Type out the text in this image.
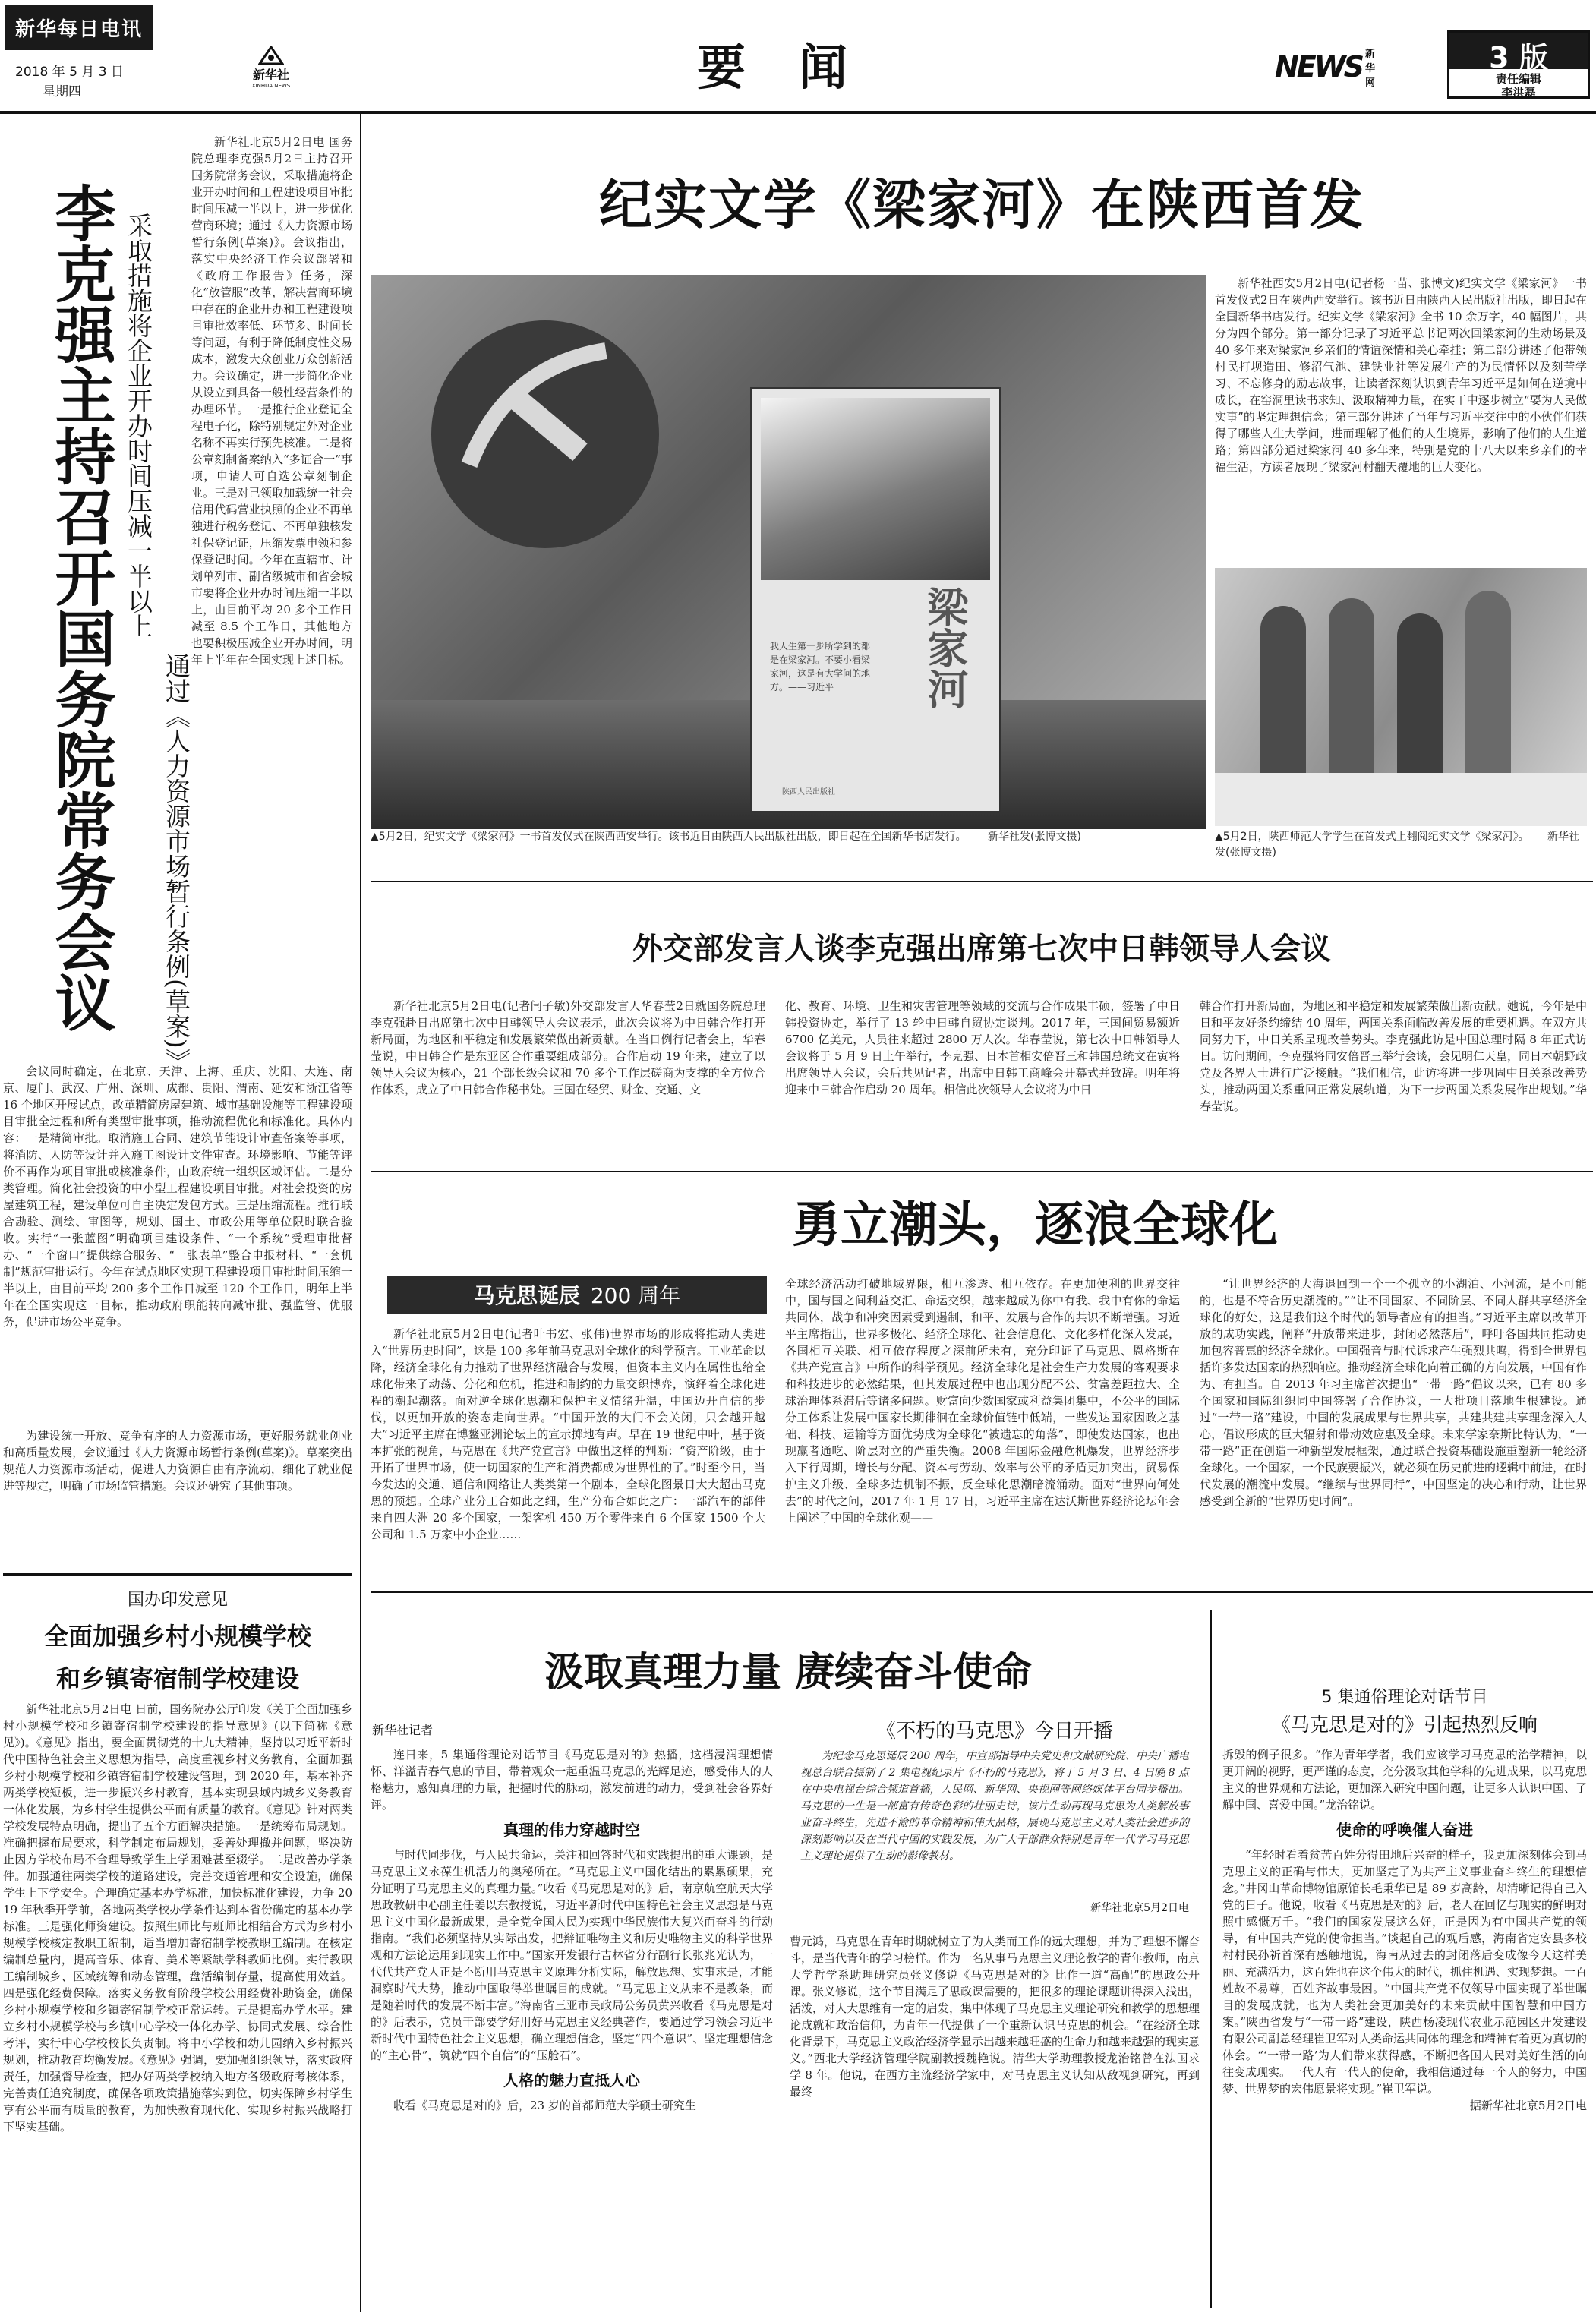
新华每日电讯
2018 年 5 月 3 日
星期四
新华社
XINHUA NEWS	要闻	NEWS 新华网
3 版
责任编辑
李洪磊
李克强主持召开国务院常务会议 采取措施将企业开办时间压减一半以上
通过《人力资源市场暂行条例(草案)》

新华社北京5月2日电 国务院总理李克强5月2日主持召开国务院常务会议，采取措施将企业开办时间和工程建设项目审批时间压减一半以上，进一步优化营商环境；通过《人力资源市场暂行条例(草案)》。会议指出，落实中央经济工作会议部署和《政府工作报告》任务，深化“放管服”改革，解决营商环境中存在的企业开办和工程建设项目审批效率低、环节多、时间长等问题，有利于降低制度性交易成本，激发大众创业万众创新活力。会议确定，进一步简化企业从设立到具备一般性经营条件的办理环节。一是推行企业登记全程电子化，除特别规定外对企业名称不再实行预先核准。二是将公章刻制备案纳入“多证合一”事项，申请人可自选公章刻制企业。三是对已领取加载统一社会信用代码营业执照的企业不再单独进行税务登记、不再单独核发社保登记证，压缩发票申领和参保登记时间。今年在直辖市、计划单列市、副省级城市和省会城市要将企业开办时间压缩一半以上，由目前平均 20 多个工作日减至 8.5 个工作日，其他地方也要积极压减企业开办时间，明年上半年在全国实现上述目标。

会议同时确定，在北京、天津、上海、重庆、沈阳、大连、南京、厦门、武汉、广州、深圳、成都、贵阳、渭南、延安和浙江省等 16 个地区开展试点，改革精简房屋建筑、城市基础设施等工程建设项目审批全过程和所有类型审批事项，推动流程优化和标准化。具体内容：一是精简审批。取消施工合同、建筑节能设计审查备案等事项，将消防、人防等设计并入施工图设计文件审查。环境影响、节能等评价不再作为项目审批或核准条件，由政府统一组织区域评估。二是分类管理。简化社会投资的中小型工程建设项目审批。对社会投资的房屋建筑工程，建设单位可自主决定发包方式。三是压缩流程。推行联合勘验、测绘、审图等，规划、国土、市政公用等单位限时联合验收。实行“一张蓝图”明确项目建设条件、“一个系统”受理审批督办、“一个窗口”提供综合服务、“一张表单”整合申报材料、“一套机制”规范审批运行。今年在试点地区实现工程建设项目审批时间压缩一半以上，由目前平均 200 多个工作日减至 120 个工作日，明年上半年在全国实现这一目标，推动政府职能转向减审批、强监管、优服务，促进市场公平竞争。

为建设统一开放、竞争有序的人力资源市场，更好服务就业创业和高质量发展，会议通过《人力资源市场暂行条例(草案)》。草案突出规范人力资源市场活动，促进人力资源自由有序流动，细化了就业促进等规定，明确了市场监管措施。会议还研究了其他事项。

国办印发意见
全面加强乡村小规模学校
和乡镇寄宿制学校建设

新华社北京5月2日电 日前，国务院办公厅印发《关于全面加强乡村小规模学校和乡镇寄宿制学校建设的指导意见》(以下简称《意见》)。《意见》指出，要全面贯彻党的十九大精神，坚持以习近平新时代中国特色社会主义思想为指导，高度重视乡村义务教育，全面加强乡村小规模学校和乡镇寄宿制学校建设管理，到 2020 年，基本补齐两类学校短板，进一步振兴乡村教育，基本实现县域内城乡义务教育一体化发展，为乡村学生提供公平而有质量的教育。《意见》针对两类学校发展特点明确，提出了五个方面解决措施。一是统筹布局规划。准确把握布局要求，科学制定布局规划，妥善处理撤并问题，坚决防止因方学校布局不合理导致学生上学困难甚至辍学。二是改善办学条件。加强通往两类学校的道路建设，完善交通管理和安全设施，确保学生上下学安全。合理确定基本办学标准，加快标准化建设，力争 2019 年秋季开学前，各地两类学校办学条件达到本省份确定的基本办学标准。三是强化师资建设。按照生师比与班师比相结合方式为乡村小规模学校核定教职工编制，适当增加寄宿制学校教职工编制。在核定编制总量内，提高音乐、体育、美术等紧缺学科教师比例。实行教职工编制城乡、区域统筹和动态管理，盘活编制存量，提高使用效益。四是强化经费保障。落实义务教育阶段学校公用经费补助资金，确保乡村小规模学校和乡镇寄宿制学校正常运转。五是提高办学水平。建立乡村小规模学校与乡镇中心学校一体化办学、协同式发展、综合性考评，实行中心学校校长负责制。将中小学校和幼儿园纳入乡村振兴规划，推动教育均衡发展。《意见》强调，要加强组织领导，落实政府责任，加强督导检查，把办好两类学校纳入地方各级政府考核体系，完善责任追究制度，确保各项政策措施落实到位，切实保障乡村学生享有公平而有质量的教育，为加快教育现代化、实现乡村振兴战略打下坚实基础。

纪实文学《梁家河》在陕西首发
我人生第一步所学到的都是在梁家河。不要小看梁家河，这是有大学问的地方。——习近平	梁家河
陕西人民出版社
▲5月2日，纪实文学《梁家河》一书首发仪式在陕西西安举行。该书近日由陕西人民出版社出版，即日起在全国新华书店发行。 新华社发(张博文摄)

新华社西安5月2日电(记者杨一苗、张博文)纪实文学《梁家河》一书首发仪式2日在陕西西安举行。该书近日由陕西人民出版社出版，即日起在全国新华书店发行。纪实文学《梁家河》全书 10 余万字，40 幅图片，共分为四个部分。第一部分记录了习近平总书记两次回梁家河的生动场景及 40 多年来对梁家河乡亲们的情谊深情和关心牵挂；第二部分讲述了他带领村民打坝造田、修沼气池、建铁业社等发展生产的为民情怀以及刻苦学习、不忘修身的励志故事，让读者深刻认识到青年习近平是如何在逆境中成长，在窑洞里读书求知、汲取精神力量，在实干中逐步树立“要为人民做实事”的坚定理想信念；第三部分讲述了当年与习近平交往中的小伙伴们获得了哪些人生大学问，进而理解了他们的人生境界，影响了他们的人生道路；第四部分通过梁家河 40 多年来，特别是党的十八大以来乡亲们的幸福生活，方读者展现了梁家河村翻天覆地的巨大变化。

▲5月2日，陕西师范大学学生在首发式上翻阅纪实文学《梁家河》。 新华社发(张博文摄)
外交部发言人谈李克强出席第七次中日韩领导人会议

新华社北京5月2日电(记者闫子敏)外交部发言人华春莹2日就国务院总理李克强赴日出席第七次中日韩领导人会议表示，此次会议将为中日韩合作打开新局面，为地区和平稳定和发展繁荣做出新贡献。在当日例行记者会上，华春莹说，中日韩合作是东亚区合作重要组成部分。合作启动 19 年来，建立了以领导人会议为核心，21 个部长级会议和 70 多个工作层磋商为支撑的全方位合作体系，成立了中日韩合作秘书处。三国在经贸、财金、交通、文

化、教育、环境、卫生和灾害管理等领域的交流与合作成果丰硕，签署了中日韩投资协定，举行了 13 轮中日韩自贸协定谈判。2017 年，三国间贸易额近 6700 亿美元，人员往来超过 2800 万人次。华春莹说，第七次中日韩领导人会议将于 5 月 9 日上午举行，李克强、日本首相安倍晋三和韩国总统文在寅将出席领导人会议，会后共见记者，出席中日韩工商峰会开幕式并致辞。明年将迎来中日韩合作启动 20 周年。相信此次领导人会议将为中日

韩合作打开新局面，为地区和平稳定和发展繁荣做出新贡献。她说，今年是中日和平友好条约缔结 40 周年，两国关系面临改善发展的重要机遇。在双方共同努力下，中日关系呈现改善势头。李克强此访是中国总理时隔 8 年正式访日。访问期间，李克强将同安倍晋三举行会谈，会见明仁天皇，同日本朝野政党及各界人士进行广泛接触。“我们相信，此访将进一步巩固中日关系改善势头，推动两国关系重回正常发展轨道，为下一步两国关系发展作出规划。”华春莹说。

勇立潮头，逐浪全球化
马克思诞辰 200 周年

新华社北京5月2日电(记者叶书宏、张伟)世界市场的形成将推动人类进入“世界历史时间”，这是 100 多年前马克思对全球化的科学预言。工业革命以降，经济全球化有力推动了世界经济融合与发展，但资本主义内在属性也给全球化带来了动荡、分化和危机，推进和制约的力量交织博弈，演绎着全球化进程的潮起潮落。面对逆全球化思潮和保护主义情绪升温，中国迈开自信的步伐，以更加开放的姿态走向世界。“中国开放的大门不会关闭，只会越开越大”习近平主席在博鳌亚洲论坛上的宣示掷地有声。早在 19 世纪中叶，基于资本扩张的视角，马克思在《共产党宣言》中做出这样的判断：“资产阶级，由于开拓了世界市场，使一切国家的生产和消费都成为世界性的了。”时至今日，当今发达的交通、通信和网络让人类类第一个剧本，全球化图景日大大超出马克思的预想。全球产业分工合如此之细，生产分布合如此之广：一部汽车的部件来自四大洲 20 多个国家，一架客机 450 万个零件来自 6 个国家 1500 个大公司和 1.5 万家中小企业……

全球经济活动打破地域界限，相互渗透、相互依存。在更加便利的世界交往中，国与国之间利益交汇、命运交织，越来越成为你中有我、我中有你的命运共同体，战争和冲突因素受到遏制，和平、发展与合作的共识不断增强。习近平主席指出，世界多极化、经济全球化、社会信息化、文化多样化深入发展，各国相互关联、相互依存程度之深前所未有，充分印证了马克思、恩格斯在《共产党宣言》中所作的科学预见。经济全球化是社会生产力发展的客观要求和科技进步的必然结果，但其发展过程中也出现分配不公、贫富差距拉大、全球治理体系滞后等诸多问题。财富向少数国家或利益集团集中，不公平的国际分工体系让发展中国家长期徘徊在全球价值链中低端，一些发达国家因政之基础、科技、运输等方面优势成为全球化“被遗忘的角落”，即使发达国家，也出现赢者通吃、阶层对立的严重失衡。2008 年国际金融危机爆发，世界经济步入下行周期，增长与分配、资本与劳动、效率与公平的矛盾更加突出，贸易保护主义升级、全球多边机制不振，反全球化思潮暗流涌动。面对“世界向何处去”的时代之问，2017 年 1 月 17 日，习近平主席在达沃斯世界经济论坛年会上阐述了中国的全球化观——

“让世界经济的大海退回到一个一个孤立的小湖泊、小河流，是不可能的，也是不符合历史潮流的。”“让不同国家、不同阶层、不同人群共享经济全球化的好处，这是我们这个时代的领导者应有的担当。”习近平主席以改革开放的成功实践，阐释“开放带来进步，封闭必然落后”，呼吁各国共同推动更加包容普惠的经济全球化。中国强音与时代诉求产生强烈共鸣，得到全世界包括许多发达国家的热烈响应。推动经济全球化向着正确的方向发展，中国有作为、有担当。自 2013 年习主席首次提出“一带一路”倡议以来，已有 80 多个国家和国际组织同中国签署了合作协议，一大批项目落地生根建设。通过“一带一路”建设，中国的发展成果与世界共享，共建共建共享理念深入人心，倡议形成的巨大辐射和带动效应惠及全球。未来学家奈斯比特认为，“一带一路”正在创造一种新型发展框架，通过联合投资基础设施重塑新一轮经济全球化。一个国家，一个民族要振兴，就必须在历史前进的逻辑中前进，在时代发展的潮流中发展。“继续与世界同行”，中国坚定的决心和行动，让世界感受到全新的“世界历史时间”。

汲取真理力量 赓续奋斗使命
新华社记者

连日来，5 集通俗理论对话节目《马克思是对的》热播，这档浸润理想情怀、洋溢青春气息的节目，带着观众一起重温马克思的光辉足迹，感受伟人的人格魅力，感知真理的力量，把握时代的脉动，激发前进的动力，受到社会各界好评。

真理的伟力穿越时空

与时代同步伐，与人民共命运，关注和回答时代和实践提出的重大课题，是马克思主义永葆生机活力的奥秘所在。“马克思主义中国化结出的累累硕果，充分证明了马克思主义的真理力量。”收看《马克思是对的》后，南京航空航天大学思政教研中心副主任姜以东教授说，习近平新时代中国特色社会主义思想是马克思主义中国化最新成果，是全党全国人民为实现中华民族伟大复兴而奋斗的行动指南。“我们必须坚持从实际出发，把辩证唯物主义和历史唯物主义的科学世界观和方法论运用到现实工作中。”国家开发银行吉林省分行副行长张兆光认为，一代代共产党人正是不断用马克思主义原理分析实际，解放思想、实事求是，才能洞察时代大势，推动中国取得举世瞩目的成就。“马克思主义从来不是教条，而是随着时代的发展不断丰富。”海南省三亚市民政局公务员黄兴收看《马克思是对的》后表示，党员干部要学好用好马克思主义经典著作，要通过学习领会习近平新时代中国特色社会主义思想，确立理想信念，坚定“四个意识”、坚定理想信念的“主心骨”，筑就“四个自信”的“压舱石”。

人格的魅力直抵人心

收看《马克思是对的》后，23 岁的首都师范大学硕士研究生

《不朽的马克思》今日开播

为纪念马克思诞辰 200 周年，中宣部指导中央党史和文献研究院、中央广播电视总台联合摄制了 2 集电视纪录片《不朽的马克思》，将于 5 月 3 日、4 日晚 8 点在中央电视台综合频道首播，人民网、新华网、央视网等网络媒体平台同步播出。马克思的一生是一部富有传奇色彩的壮丽史诗，该片生动再现马克思为人类解放事业奋斗终生，先进不渝的革命精神和伟大品格，展现马克思主义对人类社会进步的深刻影响以及在当代中国的实践发展，为广大干部群众特别是青年一代学习马克思主义理论提供了生动的影像教材。

新华社北京5月2日电

曹元鸿，马克思在青年时期就树立了为人类而工作的远大理想，并为了理想不懈奋斗，是当代青年的学习榜样。作为一名从事马克思主义理论教学的青年教师，南京大学哲学系助理研究员张义修说《马克思是对的》比作一道“高配”的思政公开课。张义修说，这个节目满足了思政课需要的，把很多的理论课题讲得深入浅出，活泼，对人大思维有一定的启发，集中体现了马克思主义理论研究和教学的思想理论成就和政治信仰，为青年一代提供了一个重新认识马克思的机会。“在经济全球化背景下，马克思主义政治经济学显示出越来越旺盛的生命力和越来越强的现实意义。”西北大学经济管理学院副教授魏艳说。清华大学助理教授龙治铭曾在法国求学 8 年。他说，在西方主流经济学家中，对马克思主义认知从敌视到研究，再到最终

5 集通俗理论对话节目
《马克思是对的》引起热烈反响

拆毁的例子很多。“作为青年学者，我们应该学习马克思的治学精神，以更开阔的视野，更严谨的态度，充分汲取其他学科的先进成果，以马克思主义的世界观和方法论，更加深入研究中国问题，让更多人认识中国、了解中国、喜爱中国。”龙治铭说。

使命的呼唤催人奋进

“年轻时看着贫苦百姓分得田地后兴奋的样子，我更加深刻体会到马克思主义的正确与伟大，更加坚定了为共产主义事业奋斗终生的理想信念。”井冈山革命博物馆原馆长毛秉华已是 89 岁高龄，却清晰记得自己入党的日子。他说，收看《马克思是对的》后，老人在回忆与现实的鲜明对照中感慨万千。“我们的国家发展这么好，正是因为有中国共产党的领导，有中国共产党的使命担当。”谈起自己的观后感，海南省定安县多校村村民孙祈首深有感触地说，海南从过去的封闭落后变成像今天这样美丽、充满活力，这百姓也在这个伟大的时代，抓住机遇、实现梦想。一百姓故不易尊，百姓齐故事最困。“中国共产党不仅领导中国实现了举世瞩目的发展成就，也为人类社会更加美好的未来贡献中国智慧和中国方案。”陕西省发与“一带一路”建设，陕西杨凌现代农业示范园区开发建设有限公司副总经理崔卫军对人类命运共同体的理念和精神有着更为真切的体会。“‘一带一路’为人们带来获得感，不断把各国人民对美好生活的向往变成现实。一代人有一代人的使命，我相信通过每一个人的努力，中国梦、世界梦的宏伟愿景将实现。”崔卫军说。

据新华社北京5月2日电
